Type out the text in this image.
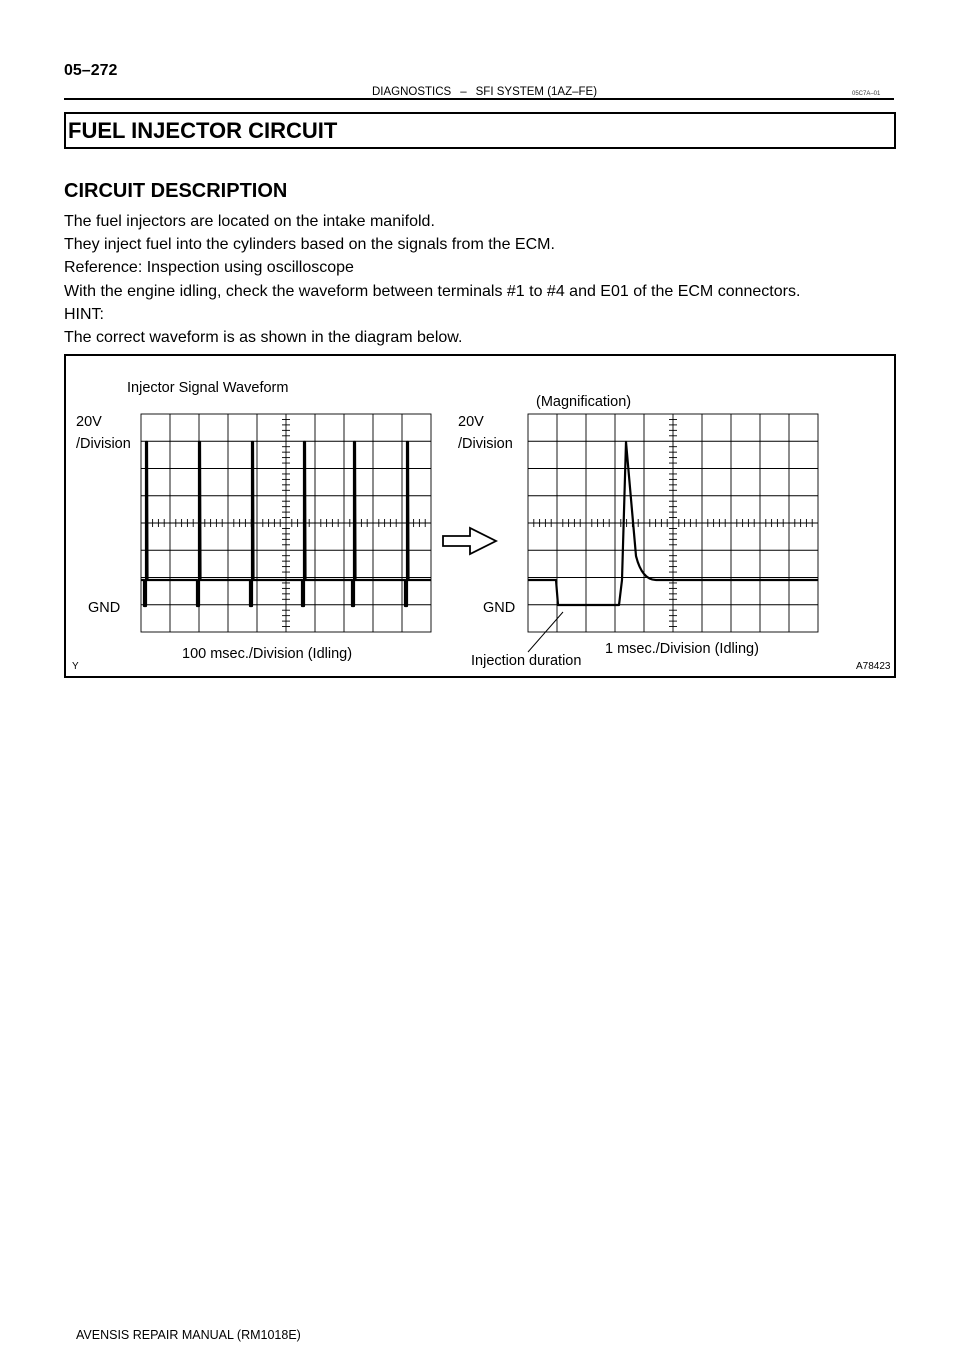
05–272
DIAGNOSTICS – SFI SYSTEM (1AZ–FE)	05C7A–01
FUEL INJECTOR CIRCUIT
CIRCUIT DESCRIPTION

The fuel injectors are located on the intake manifold.

They inject fuel into the cylinders based on the signals from the ECM.

Reference: Inspection using oscilloscope

With the engine idling, check the waveform between terminals #1 to #4 and E01 of the ECM connectors.

HINT:

The correct waveform is as shown in the diagram below.

Injector Signal Waveform
(Magnification)
20V
/Division
GND
100 msec./Division (Idling)
20V
/Division
GND
1 msec./Division (Idling)
Injection duration
Y	A78423
AVENSIS REPAIR MANUAL (RM1018E)
